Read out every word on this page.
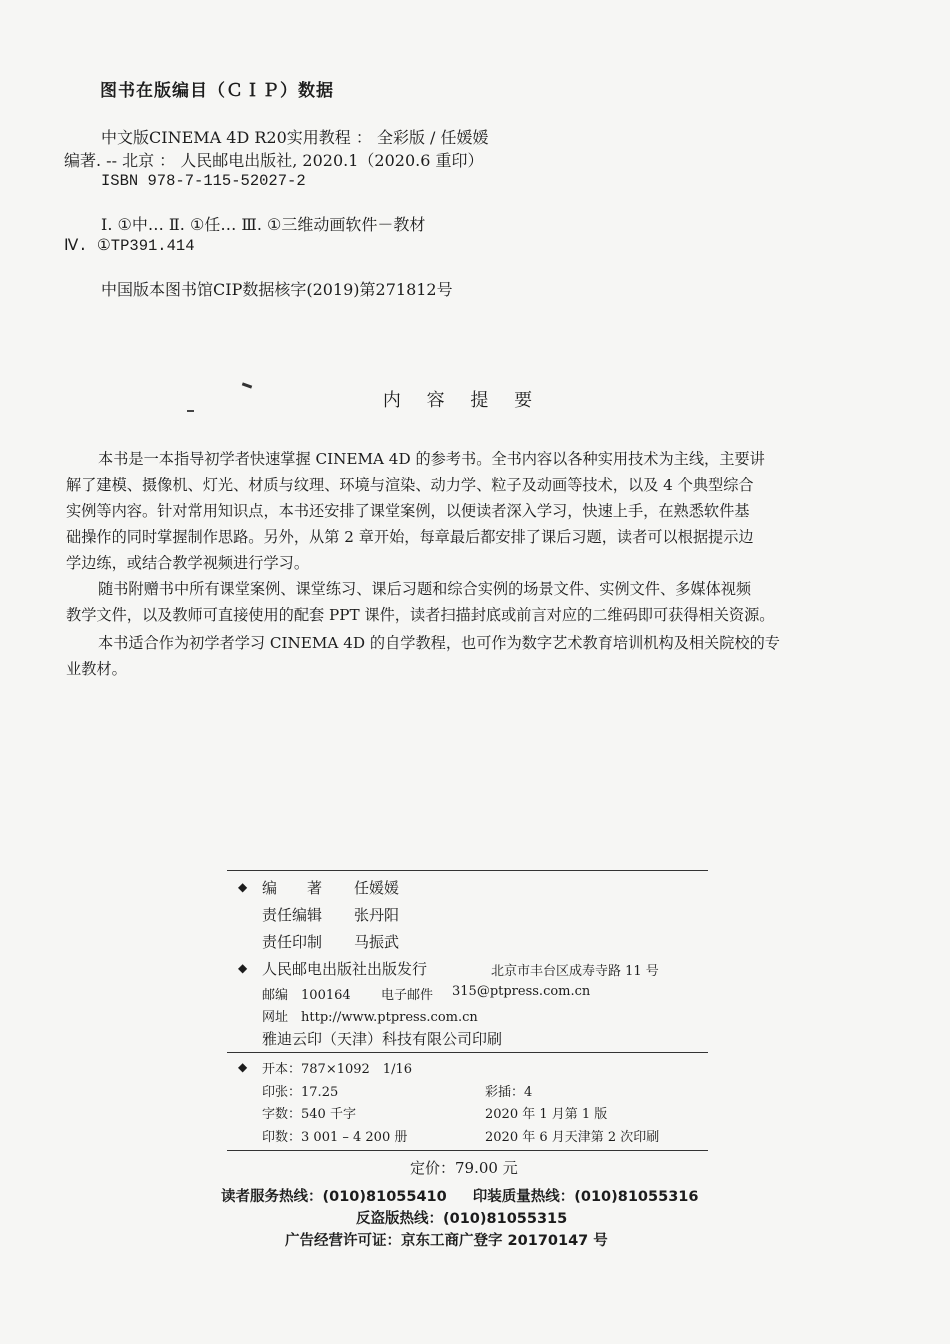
图书在版编目（ＣＩＰ）数据
中文版CINEMA 4D R20实用教程 ： 全彩版 / 任媛媛
编著. -- 北京 ： 人民邮电出版社, 2020.1（2020.6 重印）
ISBN 978-7-115-52027-2
Ⅰ. ①中… Ⅱ. ①任… Ⅲ. ①三维动画软件－教材
Ⅳ. ①TP391.414
中国版本图书馆CIP数据核字(2019)第271812号
内 容 提 要

本书是一本指导初学者快速掌握 CINEMA 4D 的参考书。全书内容以各种实用技术为主线，主要讲
解了建模、摄像机、灯光、材质与纹理、环境与渲染、动力学、粒子及动画等技术，以及 4 个典型综合
实例等内容。针对常用知识点，本书还安排了课堂案例，以便读者深入学习，快速上手，在熟悉软件基
础操作的同时掌握制作思路。另外，从第 2 章开始，每章最后都安排了课后习题，读者可以根据提示边
学边练，或结合教学视频进行学习。

随书附赠书中所有课堂案例、课堂练习、课后习题和综合实例的场景文件、实例文件、多媒体视频
教学文件，以及教师可直接使用的配套 PPT 课件，读者扫描封底或前言对应的二维码即可获得相关资源。

本书适合作为初学者学习 CINEMA 4D 的自学教程，也可作为数字艺术教育培训机构及相关院校的专
业教材。

◆ 编　　著 任媛媛
责任编辑 张丹阳
责任印制 马振武
◆ 人民邮电出版社出版发行	北京市丰台区成寿寺路 11 号
邮编　 100164 电子邮件 315@ptpress.com.cn
网址　 http://www.ptpress.com.cn
雅迪云印（天津）科技有限公司印刷
◆ 开本：787×1092　1/16
印张：17.25	彩插：4
字数：540 千字	2020 年 1 月第 1 版
印数：3 001 – 4 200 册	2020 年 6 月天津第 2 次印刷
定价：79.00 元
读者服务热线：(010)81055410 印装质量热线：(010)81055316
反盗版热线：(010)81055315
广告经营许可证：京东工商广登字 20170147 号
